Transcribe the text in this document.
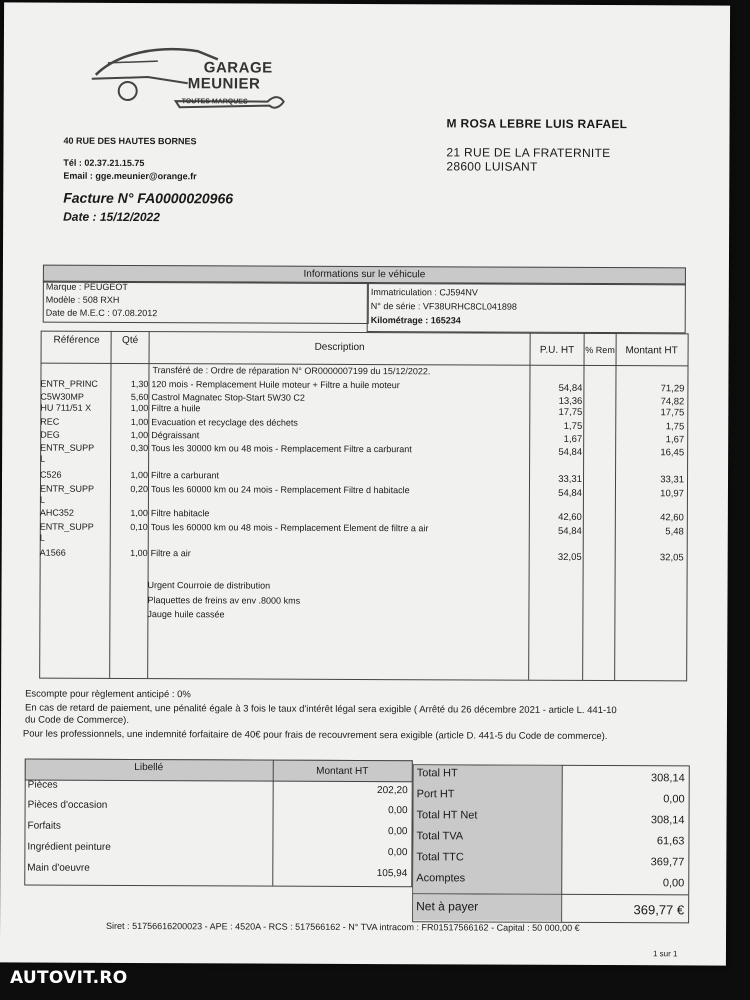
GARAGE
MEUNIER
TOUTES MARQUES
40 RUE DES HAUTES BORNES
Tél : 02.37.21.15.75
Email : gge.meunier@orange.fr
Facture N° FA0000020966
Date : 15/12/2022
M ROSA LEBRE LUIS RAFAEL
21 RUE DE LA FRATERNITE
28600 LUISANT
Informations sur le véhicule
Marque : PEUGEOT
Modèle : 508 RXH
Date de M.E.C : 07.08.2012
Immatriculation : CJ594NV
N° de série : VF38URHC8CL041898
Kilométrage : 165234
Référence	Qté
Description	P.U. HT	% Rem	Montant HT
Transféré de : Ordre de réparation N° OR0000007199 du 15/12/2022.
ENTR_PRINC	1,30 120 mois - Remplacement Huile moteur + Filtre a huile moteur	54,84	71,29
C5W30MP	5,60 Castrol Magnatec Stop-Start 5W30 C2	13,36	74,82
HU 711/51 X	1,00 Filtre a huile	17,75	17,75
REC	1,00 Evacuation et recyclage des déchets	1,75	1,75
DEG	1,00 Dégraissant	1,67	1,67
ENTR_SUPP
L
0,30 Tous les 30000 km ou 48 mois - Remplacement Filtre a carburant	54,84	16,45
C526	1,00 Filtre a carburant	33,31	33,31
ENTR_SUPP
L
0,20 Tous les 60000 km ou 24 mois - Remplacement Filtre d habitacle	54,84	10,97
AHC352	1,00 Filtre habitacle	42,60	42,60
ENTR_SUPP
L
0,10 Tous les 60000 km ou 48 mois - Remplacement Element de filtre a air	54,84	5,48
A1566	1,00 Filtre a air	32,05	32,05
Urgent Courroie de distribution
Plaquettes de freins av env .8000 kms
Jauge huile cassée
Escompte pour règlement anticipé : 0%
En cas de retard de paiement, une pénalité égale à 3 fois le taux d'intérêt légal sera exigible ( Arrêté du 26 décembre 2021 - article L. 441-10
du Code de Commerce).
Pour les professionnels, une indemnité forfaitaire de 40€ pour frais de recouvrement sera exigible (article D. 441-5 du Code de commerce).
Libellé	Montant HT
Pièces	202,20
Pièces d'occasion	0,00
Forfaits	0,00
Ingrédient peinture	0,00
Main d'oeuvre	105,94
Total HT	308,14
Port HT	0,00
Total HT Net	308,14
Total TVA	61,63
Total TTC	369,77
Acomptes	0,00
Net à payer	369,77 €
Siret : 51756616200023 - APE : 4520A - RCS : 517566162 - N° TVA intracom : FR01517566162 - Capital : 50 000,00 €
1 sur 1
AUTOVIT.RO
